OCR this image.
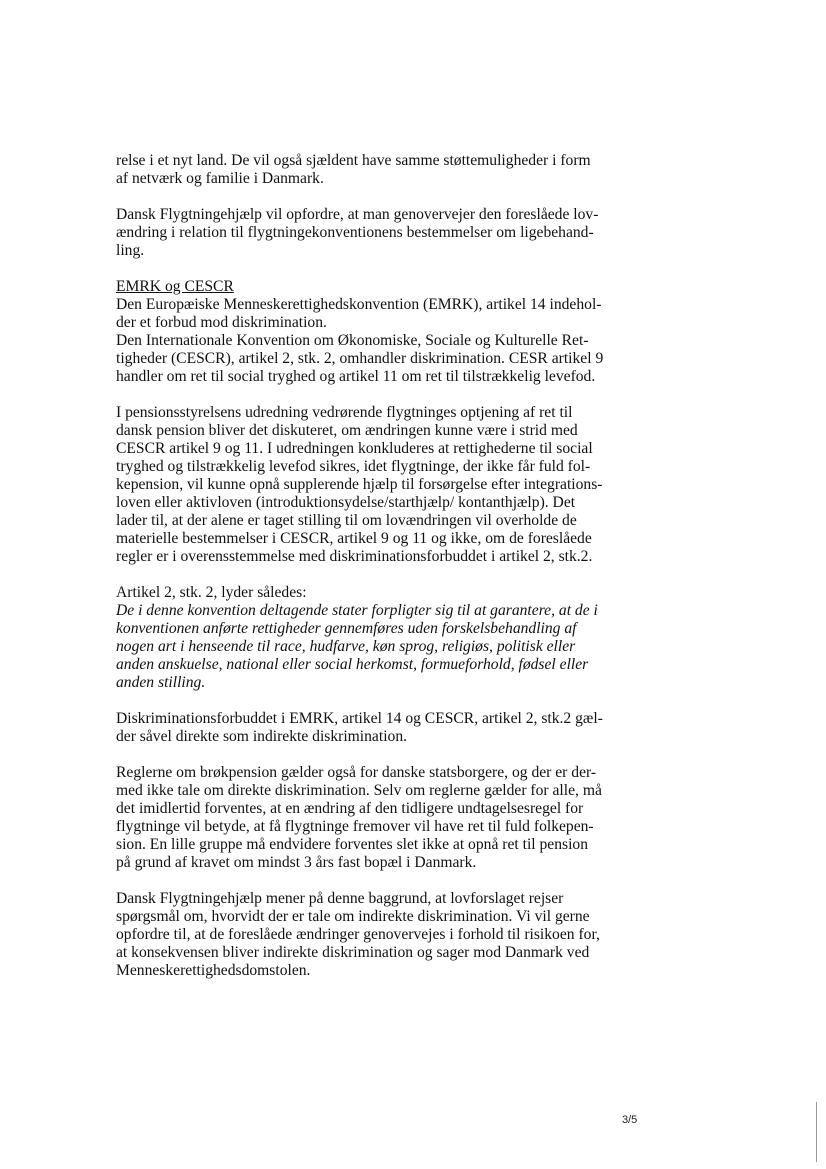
relse i et nyt land. De vil også sjældent have samme støttemuligheder i form
af netværk og familie i Danmark.

Dansk Flygtningehjælp vil opfordre, at man genovervejer den foreslåede lov-
ændring i relation til flygtningekonventionens bestemmelser om ligebehand-
ling.

EMRK og CESCR
Den Europæiske Menneskerettighedskonvention (EMRK), artikel 14 indehol-
der et forbud mod diskrimination.
Den Internationale Konvention om Økonomiske, Sociale og Kulturelle Ret-
tigheder (CESCR), artikel 2, stk. 2, omhandler diskrimination. CESR artikel 9
handler om ret til social tryghed og artikel 11 om ret til tilstrækkelig levefod.

I pensionsstyrelsens udredning vedrørende flygtninges optjening af ret til
dansk pension bliver det diskuteret, om ændringen kunne være i strid med
CESCR artikel 9 og 11. I udredningen konkluderes at rettighederne til social
tryghed og tilstrækkelig levefod sikres, idet flygtninge, der ikke får fuld fol-
kepension, vil kunne opnå supplerende hjælp til forsørgelse efter integrations-
loven eller aktivloven (introduktionsydelse/starthjælp/ kontanthjælp). Det
lader til, at der alene er taget stilling til om lovændringen vil overholde de
materielle bestemmelser i CESCR, artikel 9 og 11 og ikke, om de foreslåede
regler er i overensstemmelse med diskriminationsforbuddet i artikel 2, stk.2.

Artikel 2, stk. 2, lyder således:
De i denne konvention deltagende stater forpligter sig til at garantere, at de i
konventionen anførte rettigheder gennemføres uden forskelsbehandling af
nogen art i henseende til race, hudfarve, køn sprog, religiøs, politisk eller
anden anskuelse, national eller social herkomst, formueforhold, fødsel eller
anden stilling.

Diskriminationsforbuddet i EMRK, artikel 14 og CESCR, artikel 2, stk.2 gæl-
der såvel direkte som indirekte diskrimination.

Reglerne om brøkpension gælder også for danske statsborgere, og der er der-
med ikke tale om direkte diskrimination. Selv om reglerne gælder for alle, må
det imidlertid forventes, at en ændring af den tidligere undtagelsesregel for
flygtninge vil betyde, at få flygtninge fremover vil have ret til fuld folkepen-
sion. En lille gruppe må endvidere forventes slet ikke at opnå ret til pension
på grund af kravet om mindst 3 års fast bopæl i Danmark.

Dansk Flygtningehjælp mener på denne baggrund, at lovforslaget rejser
spørgsmål om, hvorvidt der er tale om indirekte diskrimination. Vi vil gerne
opfordre til, at de foreslåede ændringer genovervejes i forhold til risikoen for,
at konsekvensen bliver indirekte diskrimination og sager mod Danmark ved
Menneskerettighedsdomstolen.

3/5
